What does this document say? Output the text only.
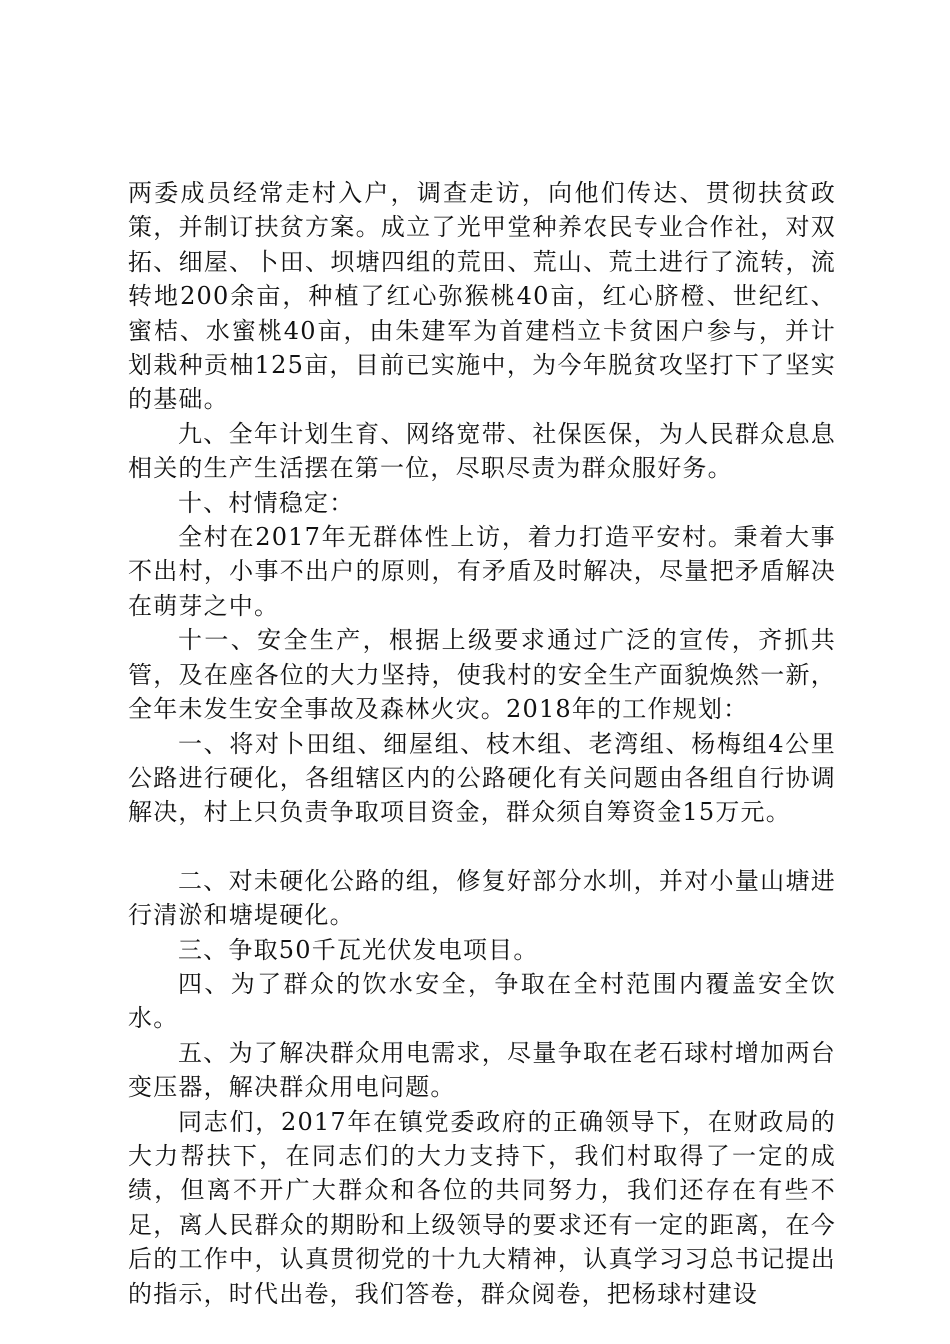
两委成员经常走村入户，调查走访，向他们传达、贯彻扶贫政策，并制订扶贫方案。成立了光甲堂种养农民专业合作社，对双拓、细屋、卜田、坝塘四组的荒田、荒山、荒土进行了流转，流转地200余亩，种植了红心弥猴桃40亩，红心脐橙、世纪红、蜜桔、水蜜桃40亩，由朱建军为首建档立卡贫困户参与，并计划栽种贡柚125亩，目前已实施中，为今年脱贫攻坚打下了坚实的基础。

九、全年计划生育、网络宽带、社保医保，为人民群众息息相关的生产生活摆在第一位，尽职尽责为群众服好务。

十、村情稳定：

全村在2017年无群体性上访，着力打造平安村。秉着大事不出村，小事不出户的原则，有矛盾及时解决，尽量把矛盾解决在萌芽之中。

十一、安全生产，根据上级要求通过广泛的宣传，齐抓共管，及在座各位的大力坚持，使我村的安全生产面貌焕然一新，全年未发生安全事故及森林火灾。2018年的工作规划：

一、将对卜田组、细屋组、枝木组、老湾组、杨梅组4公里公路进行硬化，各组辖区内的公路硬化有关问题由各组自行协调解决，村上只负责争取项目资金，群众须自筹资金15万元。

二、对未硬化公路的组，修复好部分水圳，并对小量山塘进行清淤和塘堤硬化。

三、争取50千瓦光伏发电项目。

四、为了群众的饮水安全，争取在全村范围内覆盖安全饮水。

五、为了解决群众用电需求，尽量争取在老石球村增加两台变压器，解决群众用电问题。

同志们，2017年在镇党委政府的正确领导下，在财政局的大力帮扶下，在同志们的大力支持下，我们村取得了一定的成绩，但离不开广大群众和各位的共同努力，我们还存在有些不足，离人民群众的期盼和上级领导的要求还有一定的距离，在今后的工作中，认真贯彻党的十九大精神，认真学习习总书记提出的指示，时代出卷，我们答卷，群众阅卷，把杨球村建设
